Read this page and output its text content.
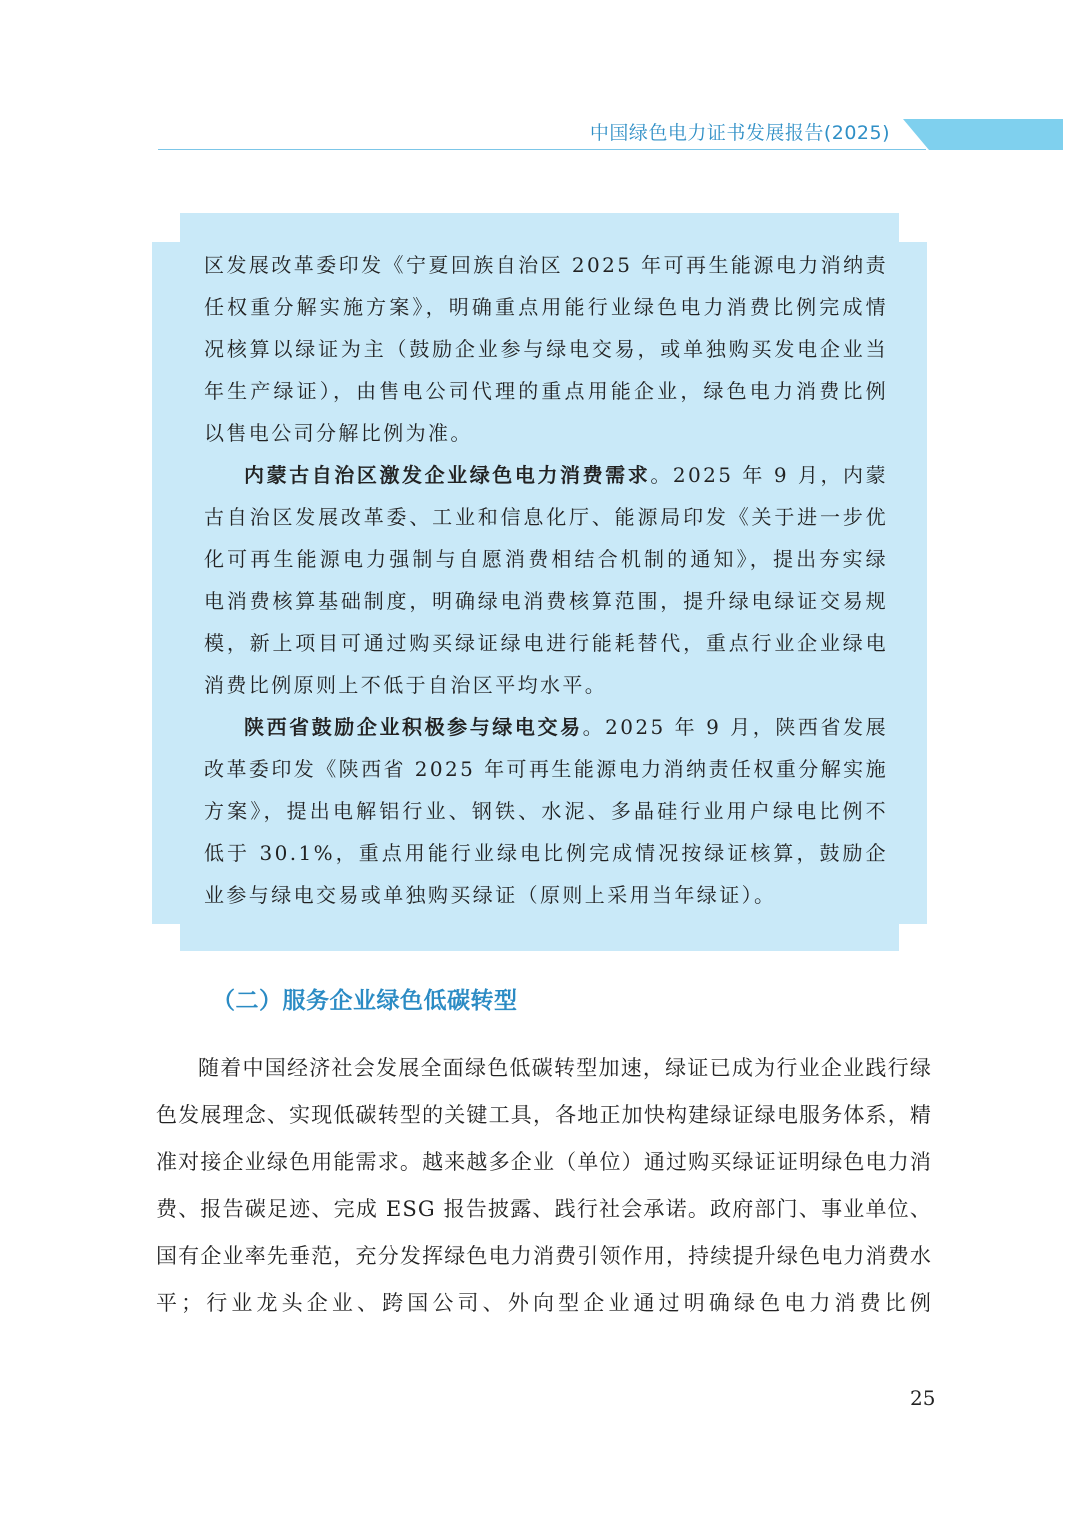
中国绿色电力证书发展报告(2025)

区发展改革委印发《宁夏回族自治区 2025 年可再生能源电力消纳责任权重分解实施方案》，明确重点用能行业绿色电力消费比例完成情况核算以绿证为主（鼓励企业参与绿电交易，或单独购买发电企业当年生产绿证），由售电公司代理的重点用能企业，绿色电力消费比例以售电公司分解比例为准。

内蒙古自治区激发企业绿色电力消费需求。2025 年 9 月，内蒙古自治区发展改革委、工业和信息化厅、能源局印发《关于进一步优化可再生能源电力强制与自愿消费相结合机制的通知》，提出夯实绿电消费核算基础制度，明确绿电消费核算范围，提升绿电绿证交易规模，新上项目可通过购买绿证绿电进行能耗替代，重点行业企业绿电消费比例原则上不低于自治区平均水平。

陕西省鼓励企业积极参与绿电交易。2025 年 9 月，陕西省发展改革委印发《陕西省 2025 年可再生能源电力消纳责任权重分解实施方案》，提出电解铝行业、钢铁、水泥、多晶硅行业用户绿电比例不低于 30.1%，重点用能行业绿电比例完成情况按绿证核算，鼓励企业参与绿电交易或单独购买绿证（原则上采用当年绿证）。

（二）服务企业绿色低碳转型

随着中国经济社会发展全面绿色低碳转型加速，绿证已成为行业企业践行绿色发展理念、实现低碳转型的关键工具，各地正加快构建绿证绿电服务体系，精准对接企业绿色用能需求。越来越多企业（单位）通过购买绿证证明绿色电力消费、报告碳足迹、完成 ESG 报告披露、践行社会承诺。政府部门、事业单位、国有企业率先垂范，充分发挥绿色电力消费引领作用，持续提升绿色电力消费水平；行业龙头企业、跨国公司、外向型企业通过明确绿色电力消费比例

25
